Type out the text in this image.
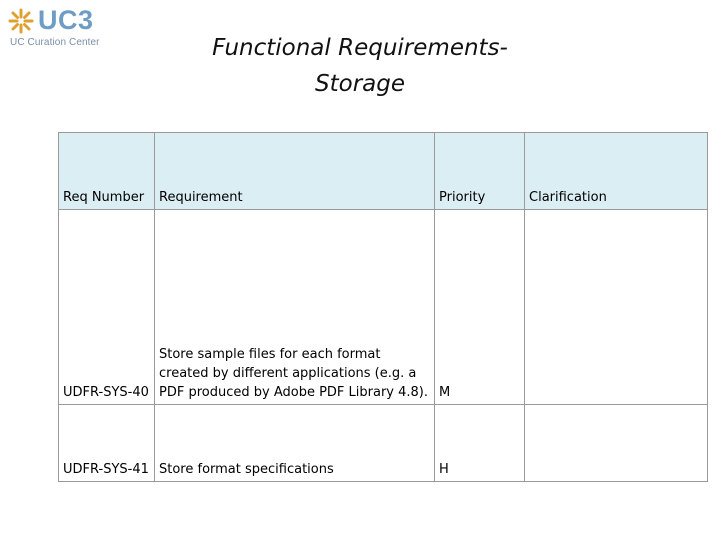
UC3
UC Curation Center	Functional Requirements-
Storage
Req Number	Requirement	Priority	Clarification
UDFR-SYS-40	Store sample files for each format created by different applications (e.g. a PDF produced by Adobe PDF Library 4.8).	M	
UDFR-SYS-41	Store format specifications	H	
